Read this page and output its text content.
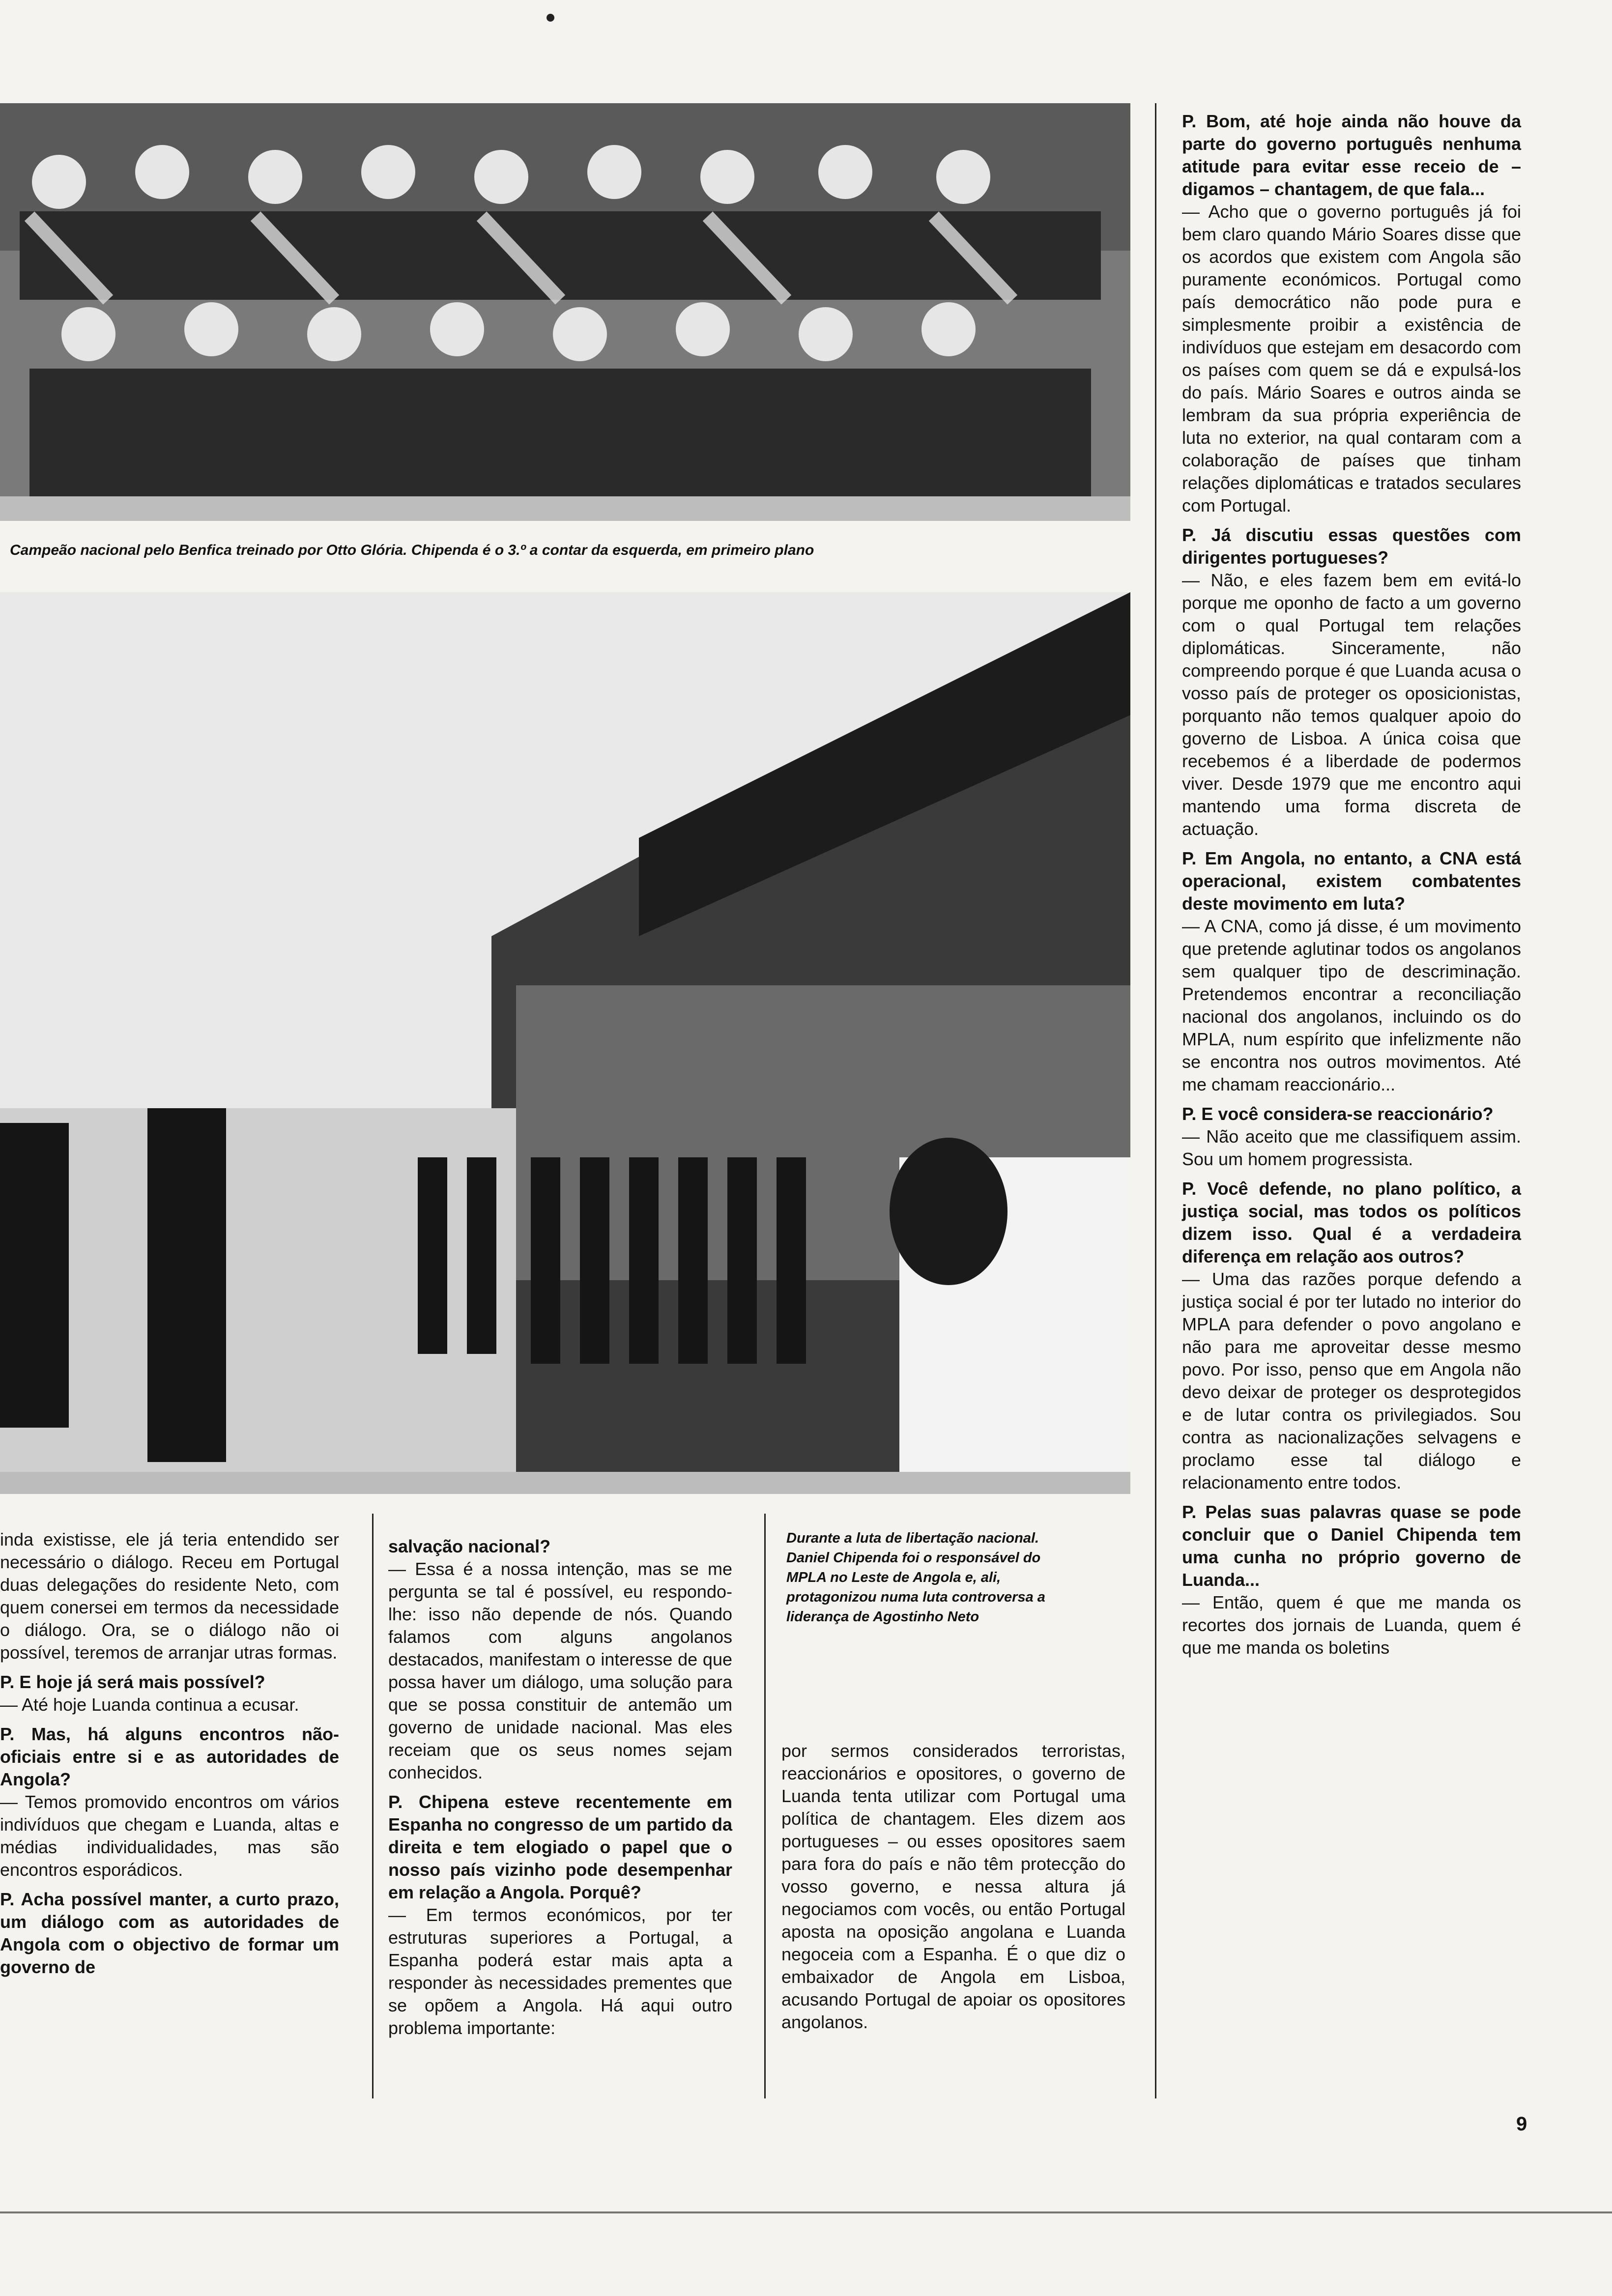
Campeão nacional pelo Benfica treinado por Otto Glória. Chipenda é o 3.º a contar da esquerda, em primeiro plano
Durante a luta de libertação nacional. Daniel Chipenda foi o responsável do MPLA no Leste de Angola e, ali, protagonizou numa luta controversa a liderança de Agostinho Neto

inda existisse, ele já teria entendido ser necessário o diálogo. Receu em Portugal duas delegações do residente Neto, com quem conersei em termos da necessidade o diálogo. Ora, se o diálogo não oi possível, teremos de arranjar utras formas.

P. E hoje já será mais possível?

— Até hoje Luanda continua a ecusar.

P. Mas, há alguns encontros não-oficiais entre si e as autoridades de Angola?

— Temos promovido encontros om vários indivíduos que chegam e Luanda, altas e médias individualidades, mas são encontros esporádicos.

P. Acha possível manter, a curto prazo, um diálogo com as autoridades de Angola com o objectivo de formar um governo de

salvação nacional?

— Essa é a nossa intenção, mas se me pergunta se tal é possível, eu respondo-lhe: isso não depende de nós. Quando falamos com alguns angolanos destacados, manifestam o interesse de que possa haver um diálogo, uma solução para que se possa constituir de antemão um governo de unidade nacional. Mas eles receiam que os seus nomes sejam conhecidos.

P. Chipena esteve recentemente em Espanha no congresso de um partido da direita e tem elogiado o papel que o nosso país vizinho pode desempenhar em relação a Angola. Porquê?

— Em termos económicos, por ter estruturas superiores a Portugal, a Espanha poderá estar mais apta a responder às necessidades prementes que se opõem a Angola. Há aqui outro problema importante:

por sermos considerados terroristas, reaccionários e opositores, o governo de Luanda tenta utilizar com Portugal uma política de chantagem. Eles dizem aos portugueses – ou esses opositores saem para fora do país e não têm protecção do vosso governo, e nessa altura já negociamos com vocês, ou então Portugal aposta na oposição angolana e Luanda negoceia com a Espanha. É o que diz o embaixador de Angola em Lisboa, acusando Portugal de apoiar os opositores angolanos.

P. Bom, até hoje ainda não houve da parte do governo português nenhuma atitude para evitar esse receio de – digamos – chantagem, de que fala...

— Acho que o governo português já foi bem claro quando Mário Soares disse que os acordos que existem com Angola são puramente económicos. Portugal como país democrático não pode pura e simplesmente proibir a existência de indivíduos que estejam em desacordo com os países com quem se dá e expulsá-los do país. Mário Soares e outros ainda se lembram da sua própria experiência de luta no exterior, na qual contaram com a colaboração de países que tinham relações diplomáticas e tratados seculares com Portugal.

P. Já discutiu essas questões com dirigentes portugueses?

— Não, e eles fazem bem em evitá-lo porque me oponho de facto a um governo com o qual Portugal tem relações diplomáticas. Sinceramente, não compreendo porque é que Luanda acusa o vosso país de proteger os oposicionistas, porquanto não temos qualquer apoio do governo de Lisboa. A única coisa que recebemos é a liberdade de podermos viver. Desde 1979 que me encontro aqui mantendo uma forma discreta de actuação.

P. Em Angola, no entanto, a CNA está operacional, existem combatentes deste movimento em luta?

— A CNA, como já disse, é um movimento que pretende aglutinar todos os angolanos sem qualquer tipo de descriminação. Pretendemos encontrar a reconciliação nacional dos angolanos, incluindo os do MPLA, num espírito que infelizmente não se encontra nos outros movimentos. Até me chamam reaccionário...

P. E você considera-se reaccionário?

— Não aceito que me classifiquem assim. Sou um homem progressista.

P. Você defende, no plano político, a justiça social, mas todos os políticos dizem isso. Qual é a verdadeira diferença em relação aos outros?

— Uma das razões porque defendo a justiça social é por ter lutado no interior do MPLA para defender o povo angolano e não para me aproveitar desse mesmo povo. Por isso, penso que em Angola não devo deixar de proteger os desprotegidos e de lutar contra os privilegiados. Sou contra as nacionalizações selvagens e proclamo esse tal diálogo e relacionamento entre todos.

P. Pelas suas palavras quase se pode concluir que o Daniel Chipenda tem uma cunha no próprio governo de Luanda...

— Então, quem é que me manda os recortes dos jornais de Luanda, quem é que me manda os boletins

9
